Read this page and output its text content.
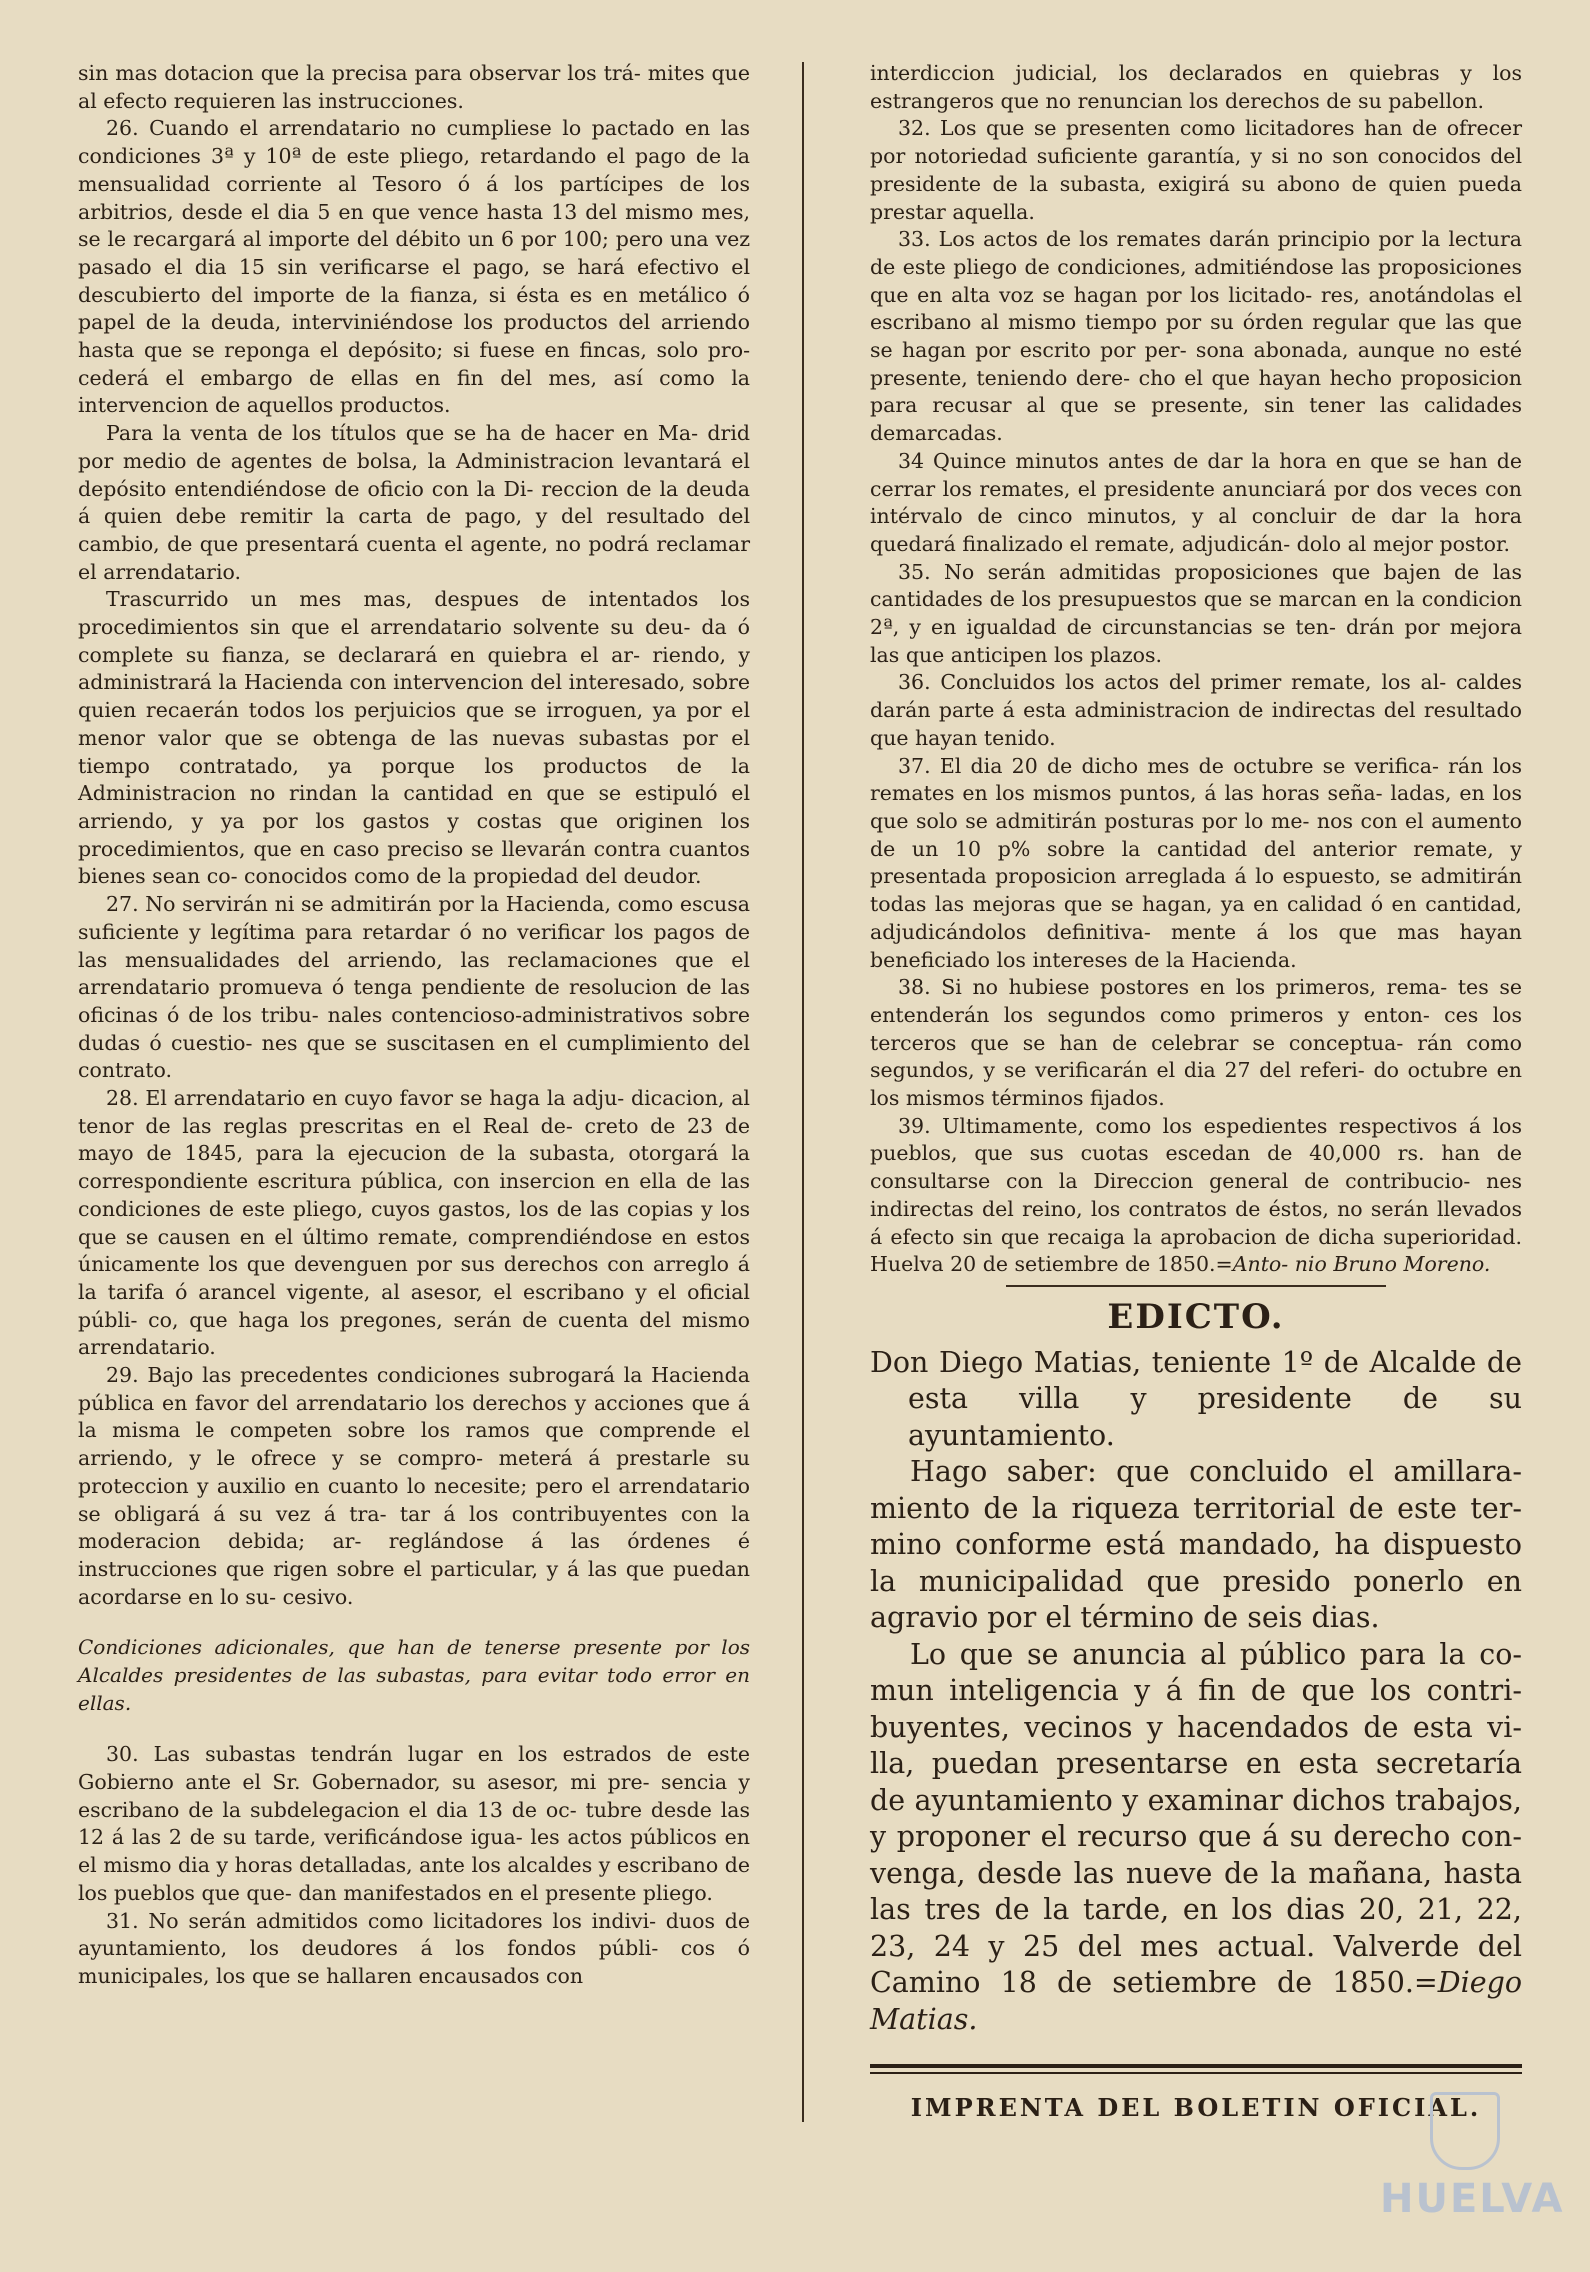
sin mas dotacion que la precisa para observar los trá- mites que al efecto requieren las instrucciones.

26. Cuando el arrendatario no cumpliese lo pactado en las condiciones 3ª y 10ª de este pliego, retardando el pago de la mensualidad corriente al Tesoro ó á los partícipes de los arbitrios, desde el dia 5 en que vence hasta 13 del mismo mes, se le recargará al importe del débito un 6 por 100; pero una vez pasado el dia 15 sin verificarse el pago, se hará efectivo el descubierto del importe de la fianza, si ésta es en metálico ó papel de la deuda, interviniéndose los productos del arriendo hasta que se reponga el depósito; si fuese en fincas, solo pro- cederá el embargo de ellas en fin del mes, así como la intervencion de aquellos productos.

Para la venta de los títulos que se ha de hacer en Ma- drid por medio de agentes de bolsa, la Administracion levantará el depósito entendiéndose de oficio con la Di- reccion de la deuda á quien debe remitir la carta de pago, y del resultado del cambio, de que presentará cuenta el agente, no podrá reclamar el arrendatario.

Trascurrido un mes mas, despues de intentados los procedimientos sin que el arrendatario solvente su deu- da ó complete su fianza, se declarará en quiebra el ar- riendo, y administrará la Hacienda con intervencion del interesado, sobre quien recaerán todos los perjuicios que se irroguen, ya por el menor valor que se obtenga de las nuevas subastas por el tiempo contratado, ya porque los productos de la Administracion no rindan la cantidad en que se estipuló el arriendo, y ya por los gastos y costas que originen los procedimientos, que en caso preciso se llevarán contra cuantos bienes sean co- conocidos como de la propiedad del deudor.

27. No servirán ni se admitirán por la Hacienda, como escusa suficiente y legítima para retardar ó no verificar los pagos de las mensualidades del arriendo, las reclamaciones que el arrendatario promueva ó tenga pendiente de resolucion de las oficinas ó de los tribu- nales contencioso-administrativos sobre dudas ó cuestio- nes que se suscitasen en el cumplimiento del contrato.

28. El arrendatario en cuyo favor se haga la adju- dicacion, al tenor de las reglas prescritas en el Real de- creto de 23 de mayo de 1845, para la ejecucion de la subasta, otorgará la correspondiente escritura pública, con insercion en ella de las condiciones de este pliego, cuyos gastos, los de las copias y los que se causen en el último remate, comprendiéndose en estos únicamente los que devenguen por sus derechos con arreglo á la tarifa ó arancel vigente, al asesor, el escribano y el oficial públi- co, que haga los pregones, serán de cuenta del mismo arrendatario.

29. Bajo las precedentes condiciones subrogará la Hacienda pública en favor del arrendatario los derechos y acciones que á la misma le competen sobre los ramos que comprende el arriendo, y le ofrece y se compro- meterá á prestarle su proteccion y auxilio en cuanto lo necesite; pero el arrendatario se obligará á su vez á tra- tar á los contribuyentes con la moderacion debida; ar- reglándose á las órdenes é instrucciones que rigen sobre el particular, y á las que puedan acordarse en lo su- cesivo.

Condiciones adicionales, que han de tenerse presente por los Alcaldes presidentes de las subastas, para evitar todo error en ellas.

30. Las subastas tendrán lugar en los estrados de este Gobierno ante el Sr. Gobernador, su asesor, mi pre- sencia y escribano de la subdelegacion el dia 13 de oc- tubre desde las 12 á las 2 de su tarde, verificándose igua- les actos públicos en el mismo dia y horas detalladas, ante los alcaldes y escribano de los pueblos que que- dan manifestados en el presente pliego.

31. No serán admitidos como licitadores los indivi- duos de ayuntamiento, los deudores á los fondos públi- cos ó municipales, los que se hallaren encausados con

interdiccion judicial, los declarados en quiebras y los estrangeros que no renuncian los derechos de su pabellon.

32. Los que se presenten como licitadores han de ofrecer por notoriedad suficiente garantía, y si no son conocidos del presidente de la subasta, exigirá su abono de quien pueda prestar aquella.

33. Los actos de los remates darán principio por la lectura de este pliego de condiciones, admitiéndose las proposiciones que en alta voz se hagan por los licitado- res, anotándolas el escribano al mismo tiempo por su órden regular que las que se hagan por escrito por per- sona abonada, aunque no esté presente, teniendo dere- cho el que hayan hecho proposicion para recusar al que se presente, sin tener las calidades demarcadas.

34 Quince minutos antes de dar la hora en que se han de cerrar los remates, el presidente anunciará por dos veces con intérvalo de cinco minutos, y al concluir de dar la hora quedará finalizado el remate, adjudicán- dolo al mejor postor.

35. No serán admitidas proposiciones que bajen de las cantidades de los presupuestos que se marcan en la condicion 2ª, y en igualdad de circunstancias se ten- drán por mejora las que anticipen los plazos.

36. Concluidos los actos del primer remate, los al- caldes darán parte á esta administracion de indirectas del resultado que hayan tenido.

37. El dia 20 de dicho mes de octubre se verifica- rán los remates en los mismos puntos, á las horas seña- ladas, en los que solo se admitirán posturas por lo me- nos con el aumento de un 10 p% sobre la cantidad del anterior remate, y presentada proposicion arreglada á lo espuesto, se admitirán todas las mejoras que se hagan, ya en calidad ó en cantidad, adjudicándolos definitiva- mente á los que mas hayan beneficiado los intereses de la Hacienda.

38. Si no hubiese postores en los primeros, rema- tes se entenderán los segundos como primeros y enton- ces los terceros que se han de celebrar se conceptua- rán como segundos, y se verificarán el dia 27 del referi- do octubre en los mismos términos fijados.

39. Ultimamente, como los espedientes respectivos á los pueblos, que sus cuotas escedan de 40,000 rs. han de consultarse con la Direccion general de contribucio- nes indirectas del reino, los contratos de éstos, no serán llevados á efecto sin que recaiga la aprobacion de dicha superioridad. Huelva 20 de setiembre de 1850.=Anto- nio Bruno Moreno.

EDICTO.

Don Diego Matias, teniente 1º de Alcalde de esta villa y presidente de su ayuntamiento.

Hago saber: que concluido el amillara- miento de la riqueza territorial de este ter- mino conforme está mandado, ha dispuesto la municipalidad que presido ponerlo en agravio por el término de seis dias.

Lo que se anuncia al público para la co- mun inteligencia y á fin de que los contri- buyentes, vecinos y hacendados de esta vi- lla, puedan presentarse en esta secretaría de ayuntamiento y examinar dichos trabajos, y proponer el recurso que á su derecho con- venga, desde las nueve de la mañana, hasta las tres de la tarde, en los dias 20, 21, 22, 23, 24 y 25 del mes actual. Valverde del Camino 18 de setiembre de 1850.=Diego Matias.

IMPRENTA DEL BOLETIN OFICIAL.
HUELVA
